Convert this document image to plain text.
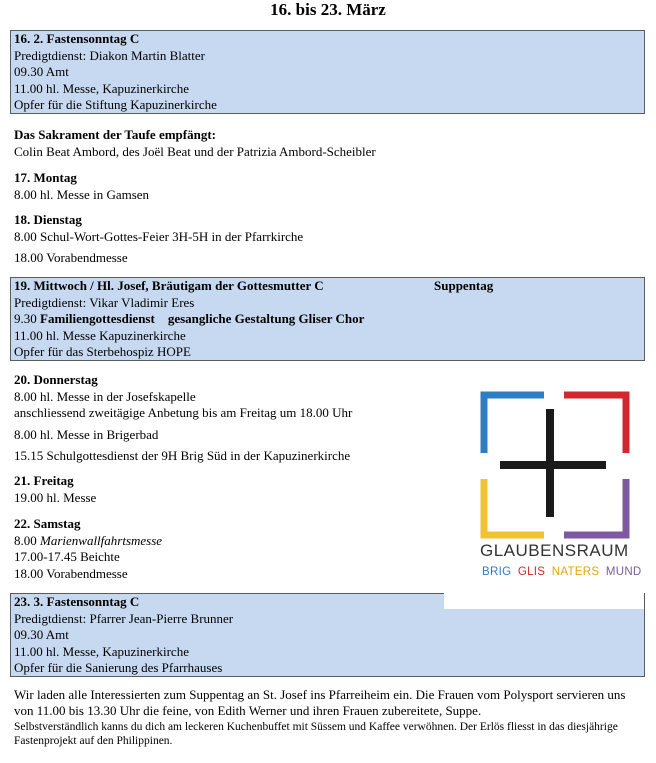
16. bis 23. März
16. 2. Fastensonntag C
Predigtdienst: Diakon Martin Blatter
09.30 Amt
11.00 hl. Messe, Kapuzinerkirche
Opfer für die Stiftung Kapuzinerkirche
Das Sakrament der Taufe empfängt:
Colin Beat Ambord, des Joël Beat und der Patrizia Ambord-Scheibler
17. Montag
8.00 hl. Messe in Gamsen
18. Dienstag
8.00 Schul-Wort-Gottes-Feier 3H-5H in der Pfarrkirche
18.00 Vorabendmesse
19. Mittwoch / Hl. Josef, Bräutigam der Gottesmutter C	Suppentag
Predigtdienst: Vikar Vladimir Eres
9.30 Familiengottesdienst    gesangliche Gestaltung Gliser Chor
11.00 hl. Messe Kapuzinerkirche
Opfer für das Sterbehospiz HOPE
20. Donnerstag
8.00 hl. Messe in der Josefskapelle
anschliessend zweitägige Anbetung bis am Freitag um 18.00 Uhr
8.00 hl. Messe in Brigerbad
15.15 Schulgottesdienst der 9H Brig Süd in der Kapuzinerkirche
21. Freitag
19.00 hl. Messe
22. Samstag
8.00 Marienwallfahrtsmesse
17.00-17.45 Beichte
18.00 Vorabendmesse
23. 3. Fastensonntag C
Predigtdienst: Pfarrer Jean-Pierre Brunner
09.30 Amt
11.00 hl. Messe, Kapuzinerkirche
Opfer für die Sanierung des Pfarrhauses
GLAUBENSRAUM
BRIG GLIS NATERS MUND
Wir laden alle Interessierten zum Suppentag an St. Josef ins Pfarreiheim ein. Die Frauen vom Polysport servieren uns von 11.00 bis 13.30 Uhr die feine, von Edith Werner und ihren Frauen zubereitete, Suppe.
Selbstverständlich kanns du dich am leckeren Kuchenbuffet mit Süssem und Kaffee verwöhnen. Der Erlös fliesst in das diesjährige Fastenprojekt auf den Philippinen.
